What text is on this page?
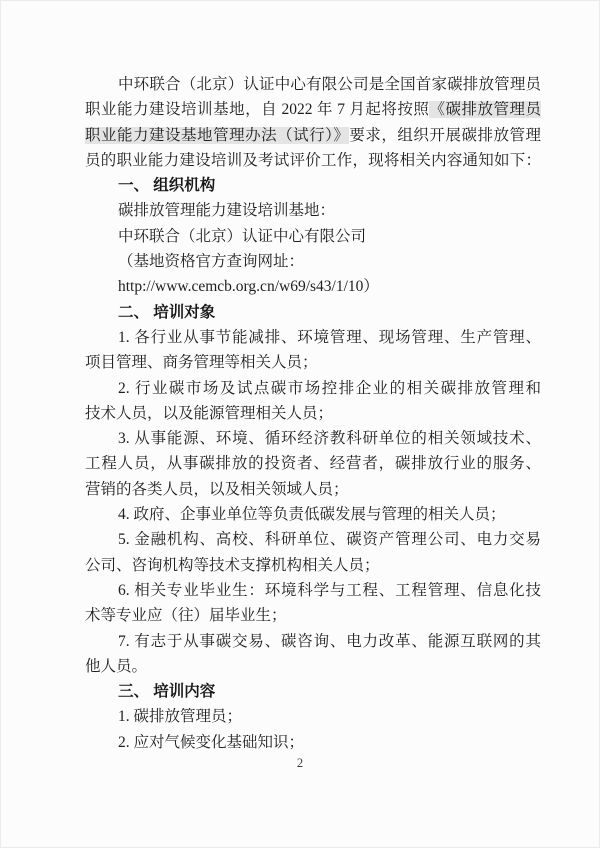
中环联合（北京）认证中心有限公司是全国首家碳排放管理员
职业能力建设培训基地，自 2022 年 7 月起将按照《碳排放管理员
职业能力建设基地管理办法（试行）》要求，组织开展碳排放管理
员的职业能力建设培训及考试评价工作，现将相关内容通知如下：
一、 组织机构
碳排放管理能力建设培训基地：
中环联合（北京）认证中心有限公司
（基地资格官方查询网址：
http://www.cemcb.org.cn/w69/s43/1/10）
二、 培训对象
1. 各行业从事节能减排、环境管理、现场管理、生产管理、
项目管理、商务管理等相关人员；
2. 行业碳市场及试点碳市场控排企业的相关碳排放管理和
技术人员，以及能源管理相关人员；
3. 从事能源、环境、循环经济教科研单位的相关领域技术、
工程人员，从事碳排放的投资者、经营者，碳排放行业的服务、
营销的各类人员，以及相关领域人员；
4. 政府、企事业单位等负责低碳发展与管理的相关人员；
5. 金融机构、高校、科研单位、碳资产管理公司、电力交易
公司、咨询机构等技术支撑机构相关人员；
6. 相关专业毕业生：环境科学与工程、工程管理、信息化技
术等专业应（往）届毕业生；
7. 有志于从事碳交易、碳咨询、电力改革、能源互联网的其
他人员。
三、 培训内容
1. 碳排放管理员；
2. 应对气候变化基础知识；
2
